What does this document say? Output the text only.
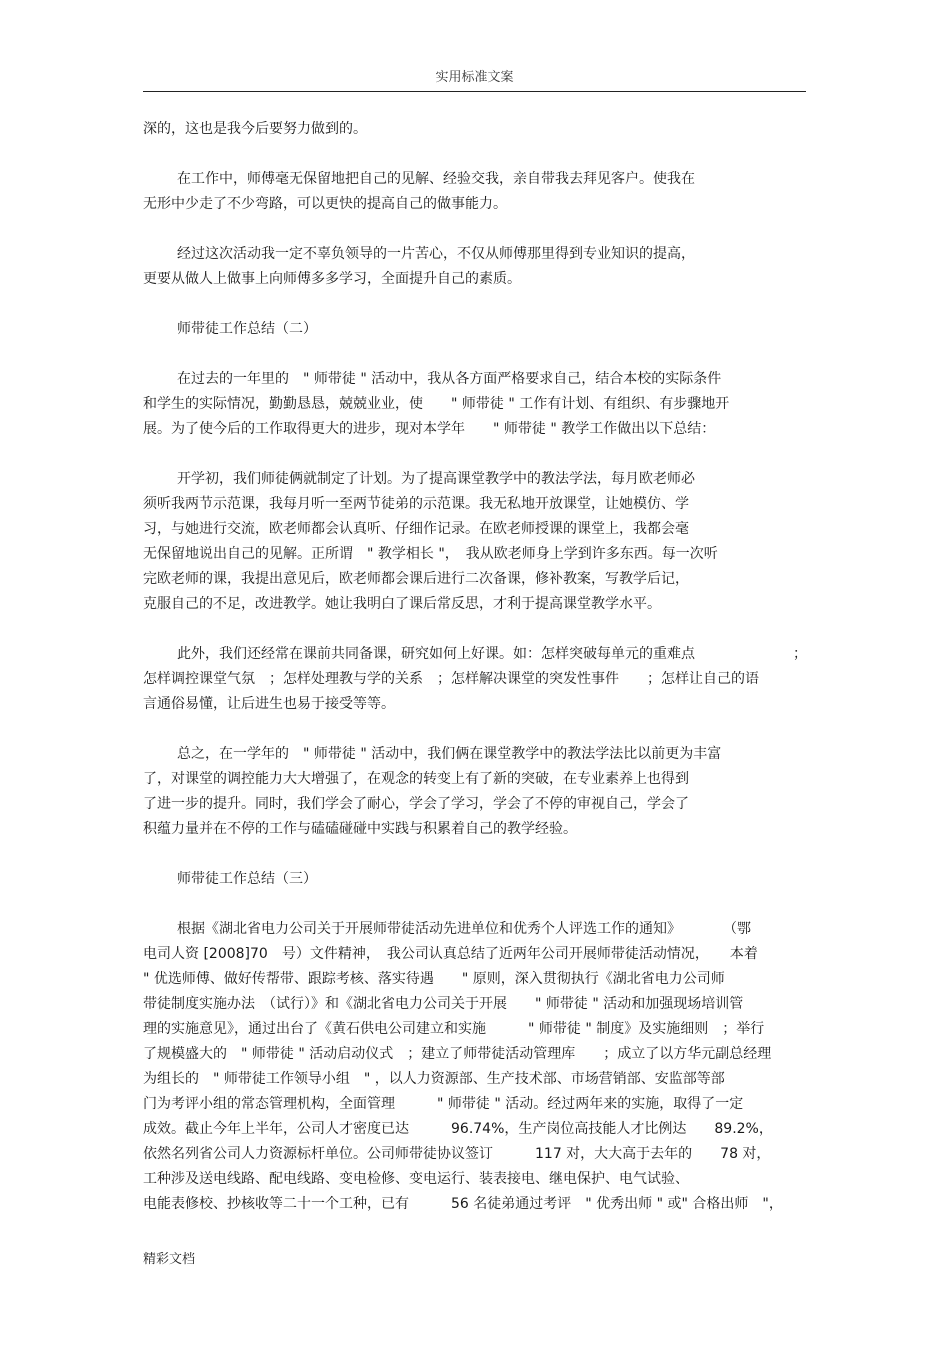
实用标准文案
深的，这也是我今后要努力做到的。
在工作中，师傅毫无保留地把自己的见解、经验交我，亲自带我去拜见客户。使我在
无形中少走了不少弯路，可以更快的提高自己的做事能力。
经过这次活动我一定不辜负领导的一片苦心，不仅从师傅那里得到专业知识的提高，
更要从做人上做事上向师傅多多学习，全面提升自己的素质。
师带徒工作总结（二）
在过去的一年里的　" 师带徒 " 活动中，我从各方面严格要求自己，结合本校的实际条件
和学生的实际情况，勤勤恳恳，兢兢业业，使　　" 师带徒 " 工作有计划、有组织、有步骤地开
展。为了使今后的工作取得更大的进步，现对本学年　　" 师带徒 " 教学工作做出以下总结：
开学初，我们师徒俩就制定了计划。为了提高课堂教学中的教法学法，每月欧老师必
须听我两节示范课，我每月听一至两节徒弟的示范课。我无私地开放课堂，让她模仿、学
习，与她进行交流，欧老师都会认真听、仔细作记录。在欧老师授课的课堂上，我都会毫
无保留地说出自己的见解。正所谓　" 教学相长 "，　我从欧老师身上学到许多东西。每一次听
完欧老师的课，我提出意见后，欧老师都会课后进行二次备课，修补教案，写教学后记，
克服自己的不足，改进教学。她让我明白了课后常反思，才利于提高课堂教学水平。
此外，我们还经常在课前共同备课，研究如何上好课。如：怎样突破每单元的重难点　　　　　　　；
怎样调控课堂气氛　；怎样处理教与学的关系　；怎样解决课堂的突发性事件　　；怎样让自己的语
言通俗易懂，让后进生也易于接受等等。
总之，在一学年的　" 师带徒 " 活动中，我们俩在课堂教学中的教法学法比以前更为丰富
了，对课堂的调控能力大大增强了，在观念的转变上有了新的突破，在专业素养上也得到
了进一步的提升。同时，我们学会了耐心，学会了学习，学会了不停的审视自己，学会了
积蕴力量并在不停的工作与磕磕碰碰中实践与积累着自己的教学经验。
师带徒工作总结（三）
根据《湖北省电力公司关于开展师带徒活动先进单位和优秀个人评选工作的通知》　　　　（鄂
电司人资 [2008]70　号）文件精神，　我公司认真总结了近两年公司开展师带徒活动情况，　　本着
" 优选师傅、做好传帮带、跟踪考核、落实待遇　　" 原则，深入贯彻执行《湖北省电力公司师
带徒制度实施办法　（试行）》和《湖北省电力公司关于开展　　" 师带徒 " 活动和加强现场培训管
理的实施意见》，通过出台了《黄石供电公司建立和实施　　　" 师带徒 " 制度》及实施细则　；举行
了规模盛大的　" 师带徒 " 活动启动仪式　；建立了师带徒活动管理库　　；成立了以方华元副总经理
为组长的　" 师带徒工作领导小组　" ，以人力资源部、生产技术部、市场营销部、安监部等部
门为考评小组的常态管理机构，全面管理　　　" 师带徒 " 活动。经过两年来的实施，取得了一定
成效。截止今年上半年，公司人才密度已达　　　96.74%，生产岗位高技能人才比例达　　89.2%，
依然名列省公司人力资源标杆单位。公司师带徒协议签订　　　117 对，大大高于去年的　　78 对，
工种涉及送电线路、配电线路、变电检修、变电运行、装表接电、继电保护、电气试验、
电能表修校、抄核收等二十一个工种，已有　　　56 名徒弟通过考评　" 优秀出师 " 或" 合格出师　"，
精彩文档
